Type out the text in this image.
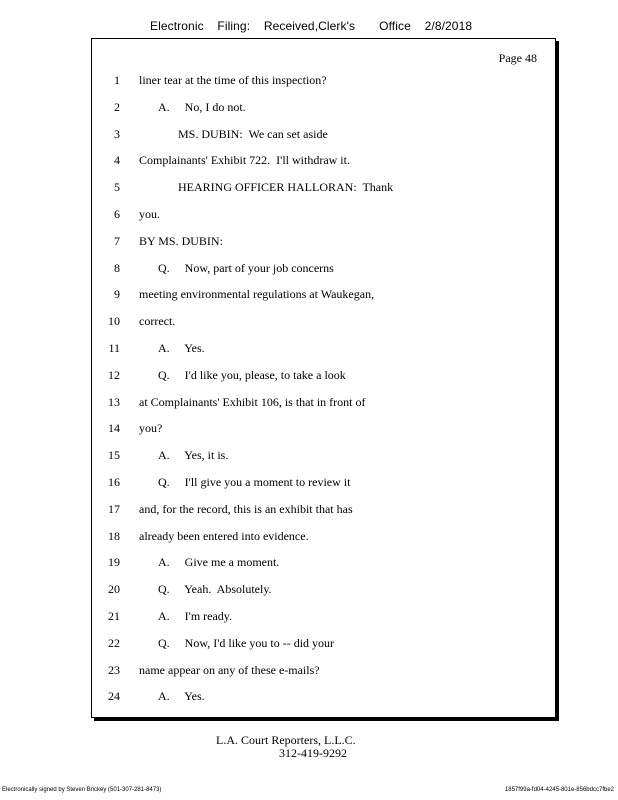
Electronic    Filing:    Received,Clerk's       Office    2/8/2018
Page 48
1 liner tear at the time of this inspection?
2	A.     No, I do not.
3	MS. DUBIN:  We can set aside
4 Complainants' Exhibit 722.  I'll withdraw it.
5	HEARING OFFICER HALLORAN:  Thank
6 you.
7 BY MS. DUBIN:
8	Q.     Now, part of your job concerns
9 meeting environmental regulations at Waukegan,
10 correct.
11	A.     Yes.
12	Q.     I'd like you, please, to take a look
13 at Complainants' Exhibit 106, is that in front of
14 you?
15	A.     Yes, it is.
16	Q.     I'll give you a moment to review it
17 and, for the record, this is an exhibit that has
18 already been entered into evidence.
19	A.     Give me a moment.
20	Q.     Yeah.  Absolutely.
21	A.     I'm ready.
22	Q.     Now, I'd like you to -- did your
23 name appear on any of these e-mails?
24	A.     Yes.
L.A. Court Reporters, L.L.C.
312-419-9292
Electronically signed by Steven Brickey (501-307-281-8473)	1857f99a-fd04-4245-801e-856bdcc7fbe2
